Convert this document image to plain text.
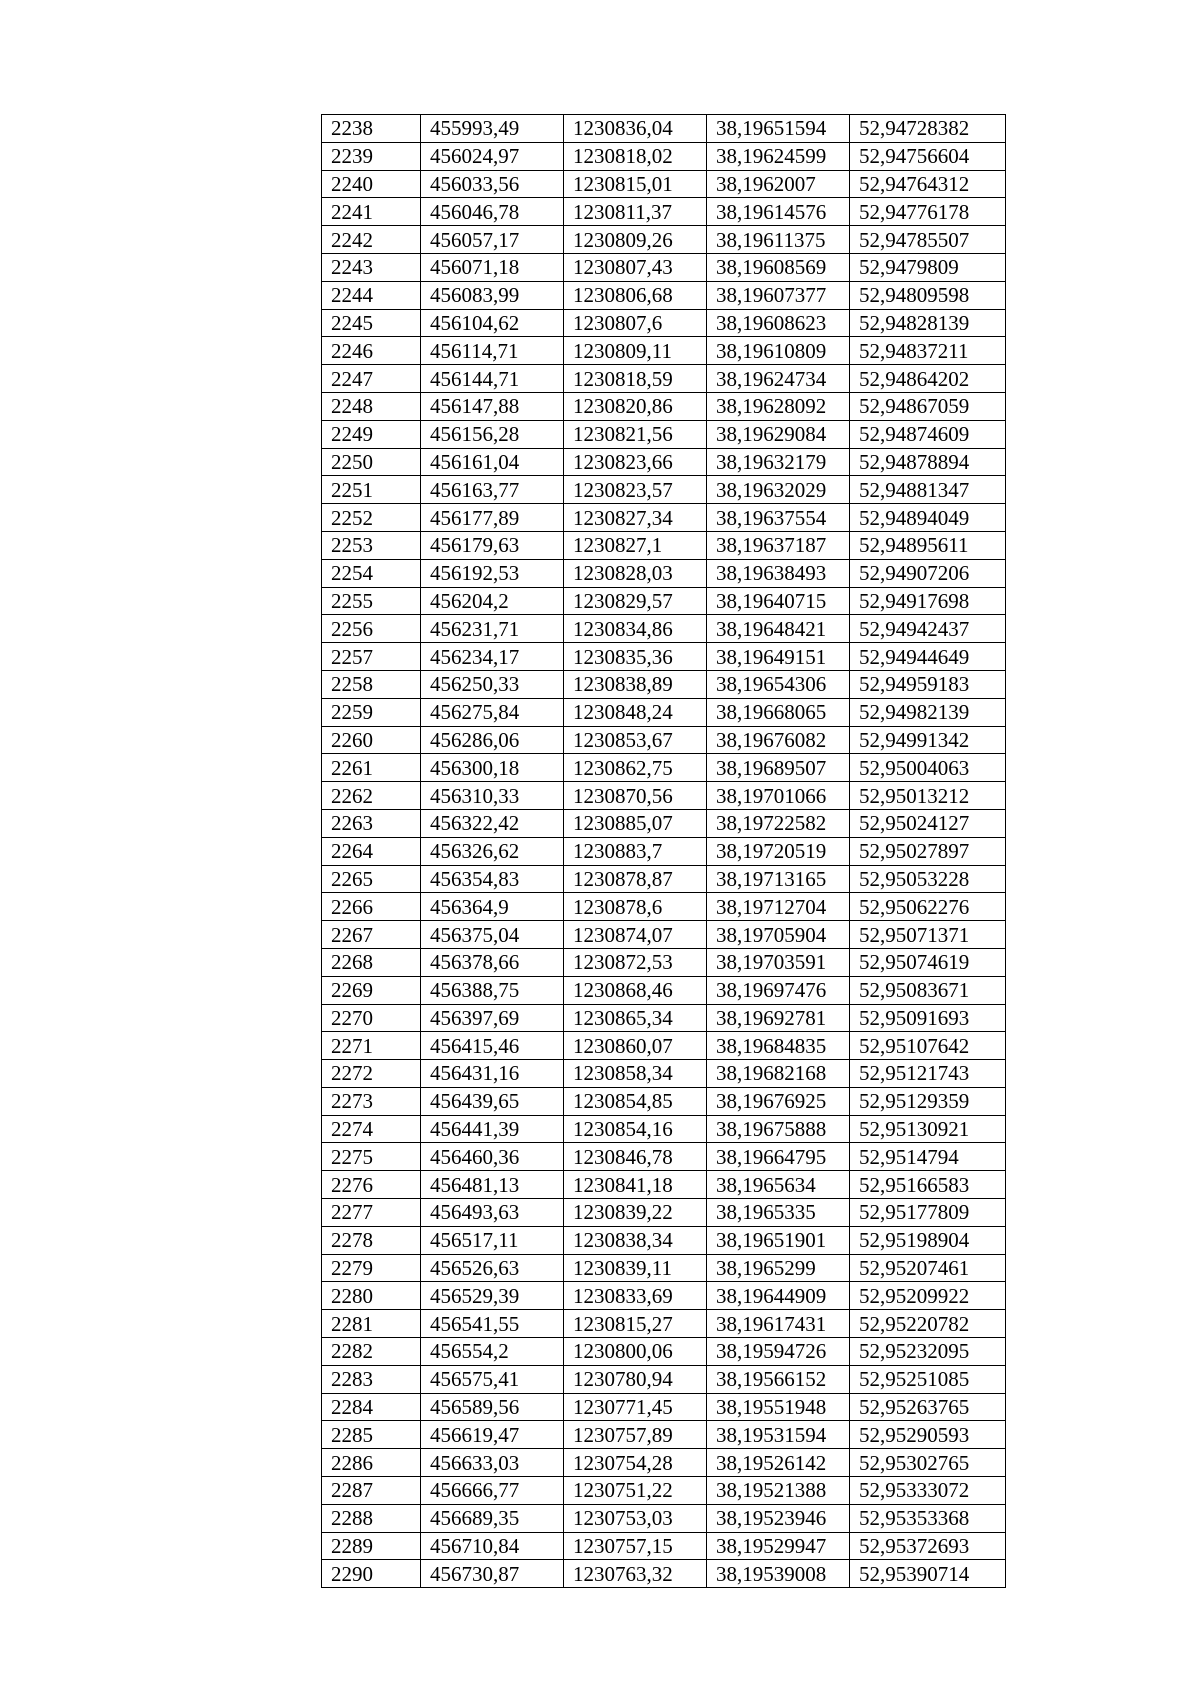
2238	455993,49	1230836,04	38,19651594	52,94728382
2239	456024,97	1230818,02	38,19624599	52,94756604
2240	456033,56	1230815,01	38,1962007	52,94764312
2241	456046,78	1230811,37	38,19614576	52,94776178
2242	456057,17	1230809,26	38,19611375	52,94785507
2243	456071,18	1230807,43	38,19608569	52,9479809
2244	456083,99	1230806,68	38,19607377	52,94809598
2245	456104,62	1230807,6	38,19608623	52,94828139
2246	456114,71	1230809,11	38,19610809	52,94837211
2247	456144,71	1230818,59	38,19624734	52,94864202
2248	456147,88	1230820,86	38,19628092	52,94867059
2249	456156,28	1230821,56	38,19629084	52,94874609
2250	456161,04	1230823,66	38,19632179	52,94878894
2251	456163,77	1230823,57	38,19632029	52,94881347
2252	456177,89	1230827,34	38,19637554	52,94894049
2253	456179,63	1230827,1	38,19637187	52,94895611
2254	456192,53	1230828,03	38,19638493	52,94907206
2255	456204,2	1230829,57	38,19640715	52,94917698
2256	456231,71	1230834,86	38,19648421	52,94942437
2257	456234,17	1230835,36	38,19649151	52,94944649
2258	456250,33	1230838,89	38,19654306	52,94959183
2259	456275,84	1230848,24	38,19668065	52,94982139
2260	456286,06	1230853,67	38,19676082	52,94991342
2261	456300,18	1230862,75	38,19689507	52,95004063
2262	456310,33	1230870,56	38,19701066	52,95013212
2263	456322,42	1230885,07	38,19722582	52,95024127
2264	456326,62	1230883,7	38,19720519	52,95027897
2265	456354,83	1230878,87	38,19713165	52,95053228
2266	456364,9	1230878,6	38,19712704	52,95062276
2267	456375,04	1230874,07	38,19705904	52,95071371
2268	456378,66	1230872,53	38,19703591	52,95074619
2269	456388,75	1230868,46	38,19697476	52,95083671
2270	456397,69	1230865,34	38,19692781	52,95091693
2271	456415,46	1230860,07	38,19684835	52,95107642
2272	456431,16	1230858,34	38,19682168	52,95121743
2273	456439,65	1230854,85	38,19676925	52,95129359
2274	456441,39	1230854,16	38,19675888	52,95130921
2275	456460,36	1230846,78	38,19664795	52,9514794
2276	456481,13	1230841,18	38,1965634	52,95166583
2277	456493,63	1230839,22	38,1965335	52,95177809
2278	456517,11	1230838,34	38,19651901	52,95198904
2279	456526,63	1230839,11	38,1965299	52,95207461
2280	456529,39	1230833,69	38,19644909	52,95209922
2281	456541,55	1230815,27	38,19617431	52,95220782
2282	456554,2	1230800,06	38,19594726	52,95232095
2283	456575,41	1230780,94	38,19566152	52,95251085
2284	456589,56	1230771,45	38,19551948	52,95263765
2285	456619,47	1230757,89	38,19531594	52,95290593
2286	456633,03	1230754,28	38,19526142	52,95302765
2287	456666,77	1230751,22	38,19521388	52,95333072
2288	456689,35	1230753,03	38,19523946	52,95353368
2289	456710,84	1230757,15	38,19529947	52,95372693
2290	456730,87	1230763,32	38,19539008	52,95390714
